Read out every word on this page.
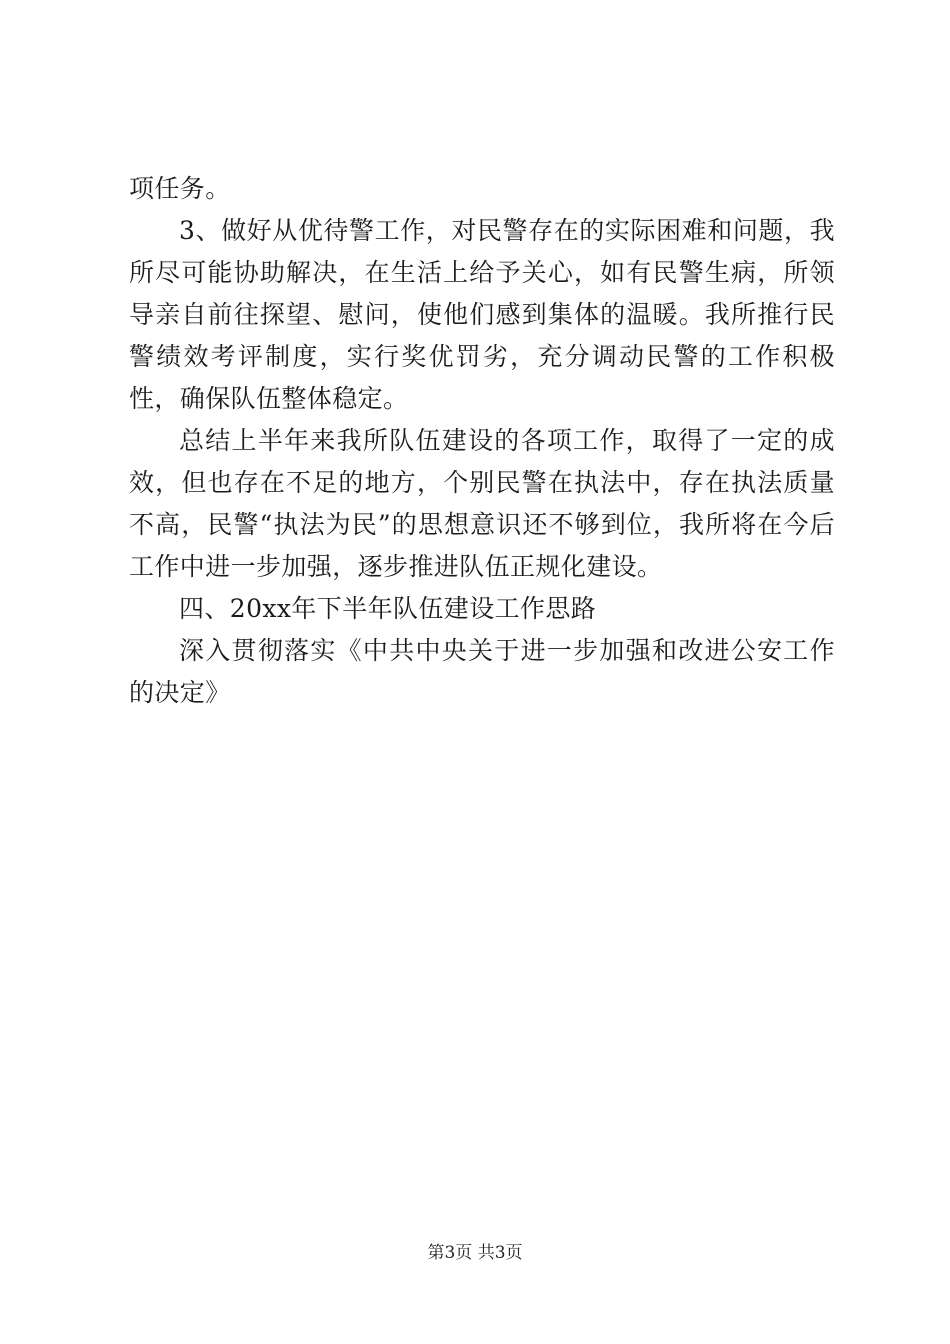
项任务。

3、做好从优待警工作，对民警存在的实际困难和问题，我所尽可能协助解决，在生活上给予关心，如有民警生病，所领导亲自前往探望、慰问，使他们感到集体的温暖。我所推行民警绩效考评制度，实行奖优罚劣，充分调动民警的工作积极性，确保队伍整体稳定。

总结上半年来我所队伍建设的各项工作，取得了一定的成效，但也存在不足的地方，个别民警在执法中，存在执法质量不高，民警“执法为民”的思想意识还不够到位，我所将在今后工作中进一步加强，逐步推进队伍正规化建设。

四、20xx年下半年队伍建设工作思路

深入贯彻落实《中共中央关于进一步加强和改进公安工作的决定》

第3页 共3页
